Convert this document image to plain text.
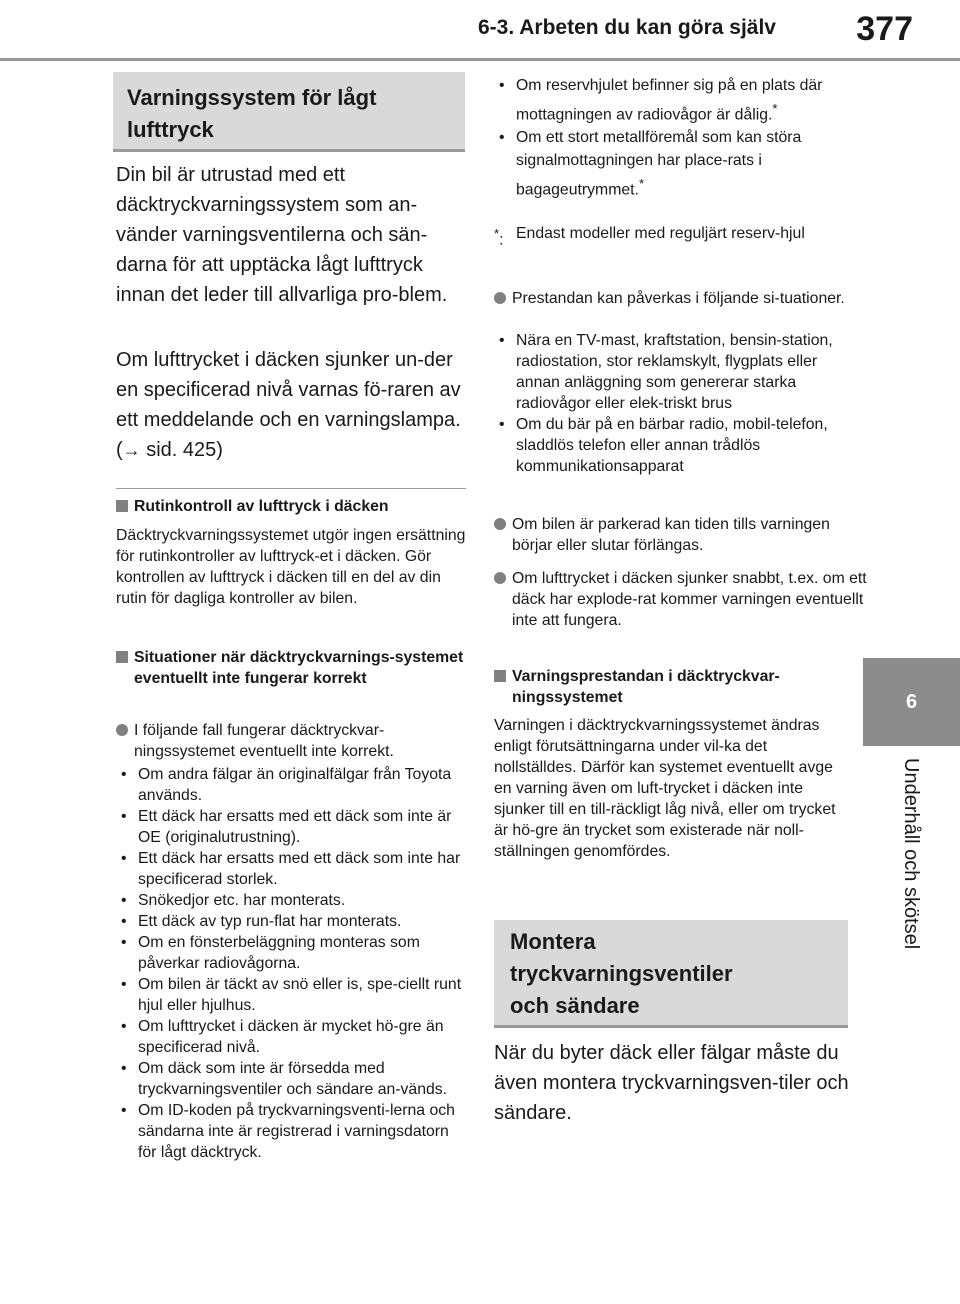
6-3. Arbeten du kan göra själv	377
6
Underhåll och skötsel
Varningssystem för lågt
lufttryck

Din bil är utrustad med ett däcktryckvarningssystem som an-vänder varningsventilerna och sän-darna för att upptäcka lågt lufttryck innan det leder till allvarliga pro-blem.

Om lufttrycket i däcken sjunker un-der en specificerad nivå varnas fö-raren av ett meddelande och en varningslampa. (→ sid. 425)

Rutinkontroll av lufttryck i däcken

Däcktryckvarningssystemet utgör ingen ersättning för rutinkontroller av lufttryck-et i däcken. Gör kontrollen av lufttryck i däcken till en del av din rutin för dagliga kontroller av bilen.

Situationer när däcktryckvarnings-systemet eventuellt inte fungerar korrekt

I följande fall fungerar däcktryckvar-ningssystemet eventuellt inte korrekt.

• Om andra fälgar än originalfälgar från Toyota används.
• Ett däck har ersatts med ett däck som inte är OE (originalutrustning).
• Ett däck har ersatts med ett däck som inte har specificerad storlek.
• Snökedjor etc. har monterats.
• Ett däck av typ run-flat har monterats.
• Om en fönsterbeläggning monteras som påverkar radiovågorna.
• Om bilen är täckt av snö eller is, spe-ciellt runt hjul eller hjulhus.
• Om lufttrycket i däcken är mycket hö-gre än specificerad nivå.
• Om däck som inte är försedda med tryckvarningsventiler och sändare an-vänds.
• Om ID-koden på tryckvarningsventi-lerna och sändarna inte är registrerad i varningsdatorn för lågt däcktryck.
• Om reservhjulet befinner sig på en plats där mottagningen av radiovågor är dålig.*
• Om ett stort metallföremål som kan störa signalmottagningen har place-rats i bagageutrymmet.*
*: Endast modeller med reguljärt reserv-hjul

Prestandan kan påverkas i följande si-tuationer.

• Nära en TV-mast, kraftstation, bensin-station, radiostation, stor reklamskylt, flygplats eller annan anläggning som genererar starka radiovågor eller elek-triskt brus
• Om du bär på en bärbar radio, mobil-telefon, sladdlös telefon eller annan trådlös kommunikationsapparat

Om bilen är parkerad kan tiden tills varningen börjar eller slutar förlängas.

Om lufttrycket i däcken sjunker snabbt, t.ex. om ett däck har explode-rat kommer varningen eventuellt inte att fungera.

Varningsprestandan i däcktryckvar-ningssystemet

Varningen i däcktryckvarningssystemet ändras enligt förutsättningarna under vil-ka det nollställdes. Därför kan systemet eventuellt avge en varning även om luft-trycket i däcken inte sjunker till en till-räckligt låg nivå, eller om trycket är hö-gre än trycket som existerade när noll-ställningen genomfördes.

Montera
tryckvarningsventiler
och sändare

När du byter däck eller fälgar måste du även montera tryckvarningsven-tiler och sändare.
